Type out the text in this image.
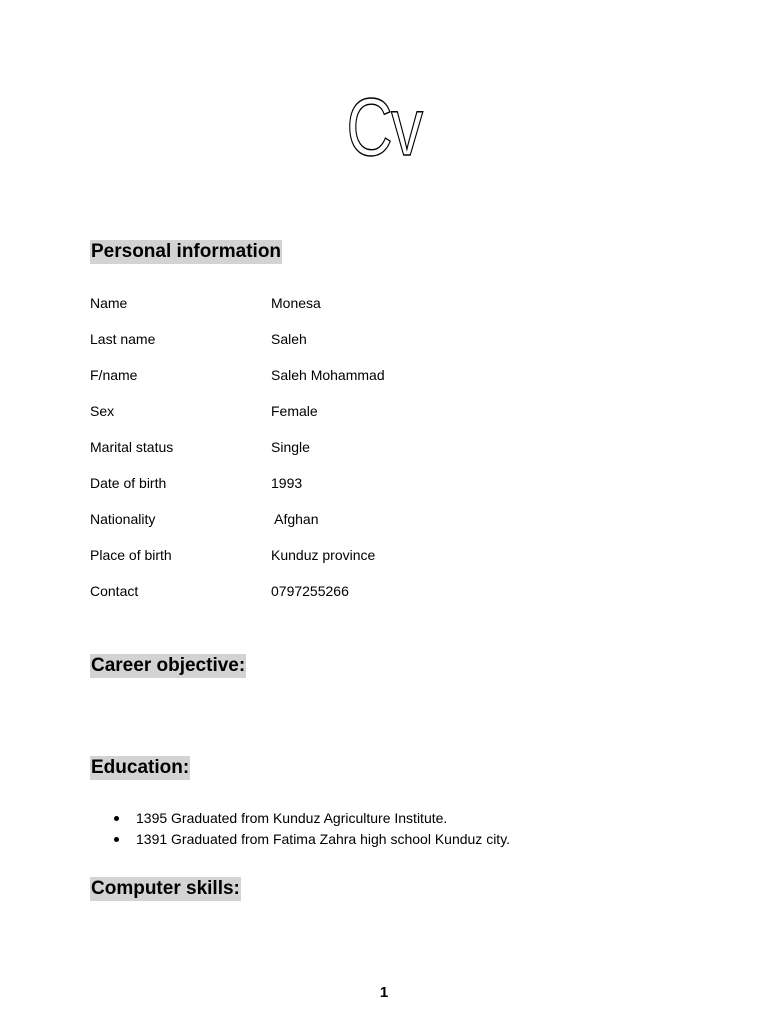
Cv
Personal information
Name	Monesa
Last name	Saleh
F/name	Saleh Mohammad
Sex	Female
Marital status	Single
Date of birth	1993
Nationality	Afghan
Place of birth	Kunduz province
Contact	0797255266
Career objective:
Education:
1395 Graduated from Kunduz Agriculture Institute.
1391 Graduated from Fatima Zahra high school Kunduz city.
Computer skills:
1
